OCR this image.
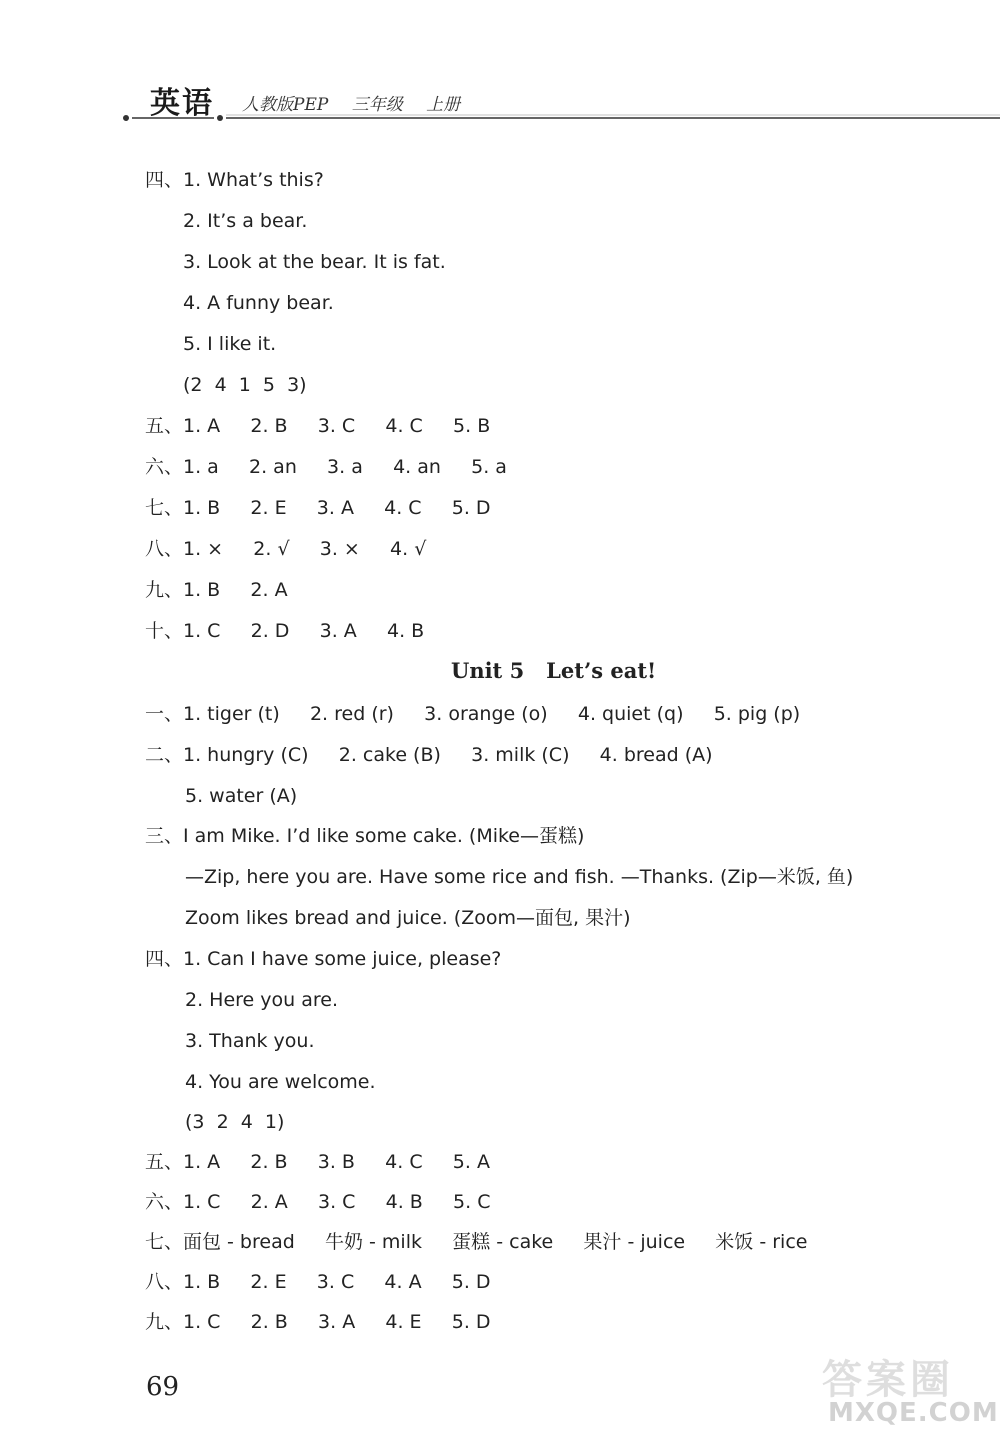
英语 人教版PEP 三年级 上册
四、1. What’s this?
2. It’s a bear.
3. Look at the bear. It is fat.
4. A funny bear.
5. I like it.
(2  4  1  5  3)
五、1. A     2. B     3. C     4. C     5. B
六、1. a     2. an     3. a     4. an     5. a
七、1. B     2. E     3. A     4. C     5. D
八、1. ×     2. √     3. ×     4. √
九、1. B     2. A
十、1. C     2. D     3. A     4. B
Unit 5   Let’s eat!
一、1. tiger (t)     2. red (r)     3. orange (o)     4. quiet (q)     5. pig (p)
二、1. hungry (C)     2. cake (B)     3. milk (C)     4. bread (A)
5. water (A)
三、I am Mike. I’d like some cake. (Mike—蛋糕)
—Zip, here you are. Have some rice and fish. —Thanks. (Zip—米饭, 鱼)
Zoom likes bread and juice. (Zoom—面包, 果汁)
四、1. Can I have some juice, please?
2. Here you are.
3. Thank you.
4. You are welcome.
(3  2  4  1)
五、1. A     2. B     3. B     4. C     5. A
六、1. C     2. A     3. C     4. B     5. C
七、面包 - bread     牛奶 - milk     蛋糕 - cake     果汁 - juice     米饭 - rice
八、1. B     2. E     3. C     4. A     5. D
九、1. C     2. B     3. A     4. E     5. D
69	答案圈
MXQE.COM
